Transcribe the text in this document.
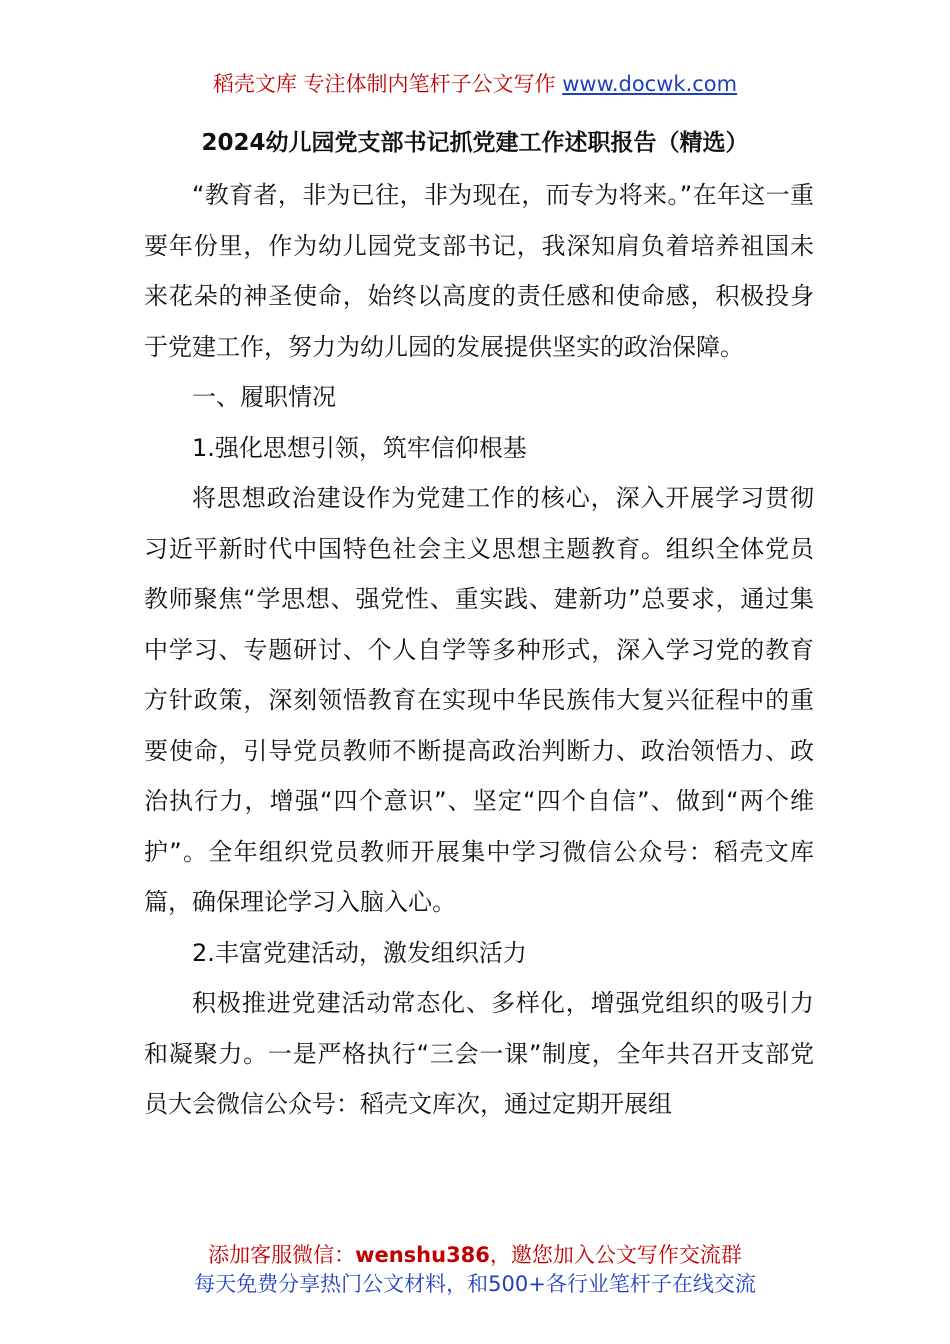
稻壳文库 专注体制内笔杆子公文写作 www.docwk.com
2024幼儿园党支部书记抓党建工作述职报告（精选）

“教育者，非为已往，非为现在，而专为将来。”在年这一重要年份里，作为幼儿园党支部书记，我深知肩负着培养祖国未来花朵的神圣使命，始终以高度的责任感和使命感，积极投身于党建工作，努力为幼儿园的发展提供坚实的政治保障。

一、履职情况

1.强化思想引领，筑牢信仰根基

将思想政治建设作为党建工作的核心，深入开展学习贯彻习近平新时代中国特色社会主义思想主题教育。组织全体党员教师聚焦“学思想、强党性、重实践、建新功”总要求，通过集中学习、专题研讨、个人自学等多种形式，深入学习党的教育方针政策，深刻领悟教育在实现中华民族伟大复兴征程中的重要使命，引导党员教师不断提高政治判断力、政治领悟力、政治执行力，增强“四个意识”、坚定“四个自信”、做到“两个维护”。全年组织党员教师开展集中学习微信公众号：稻壳文库篇，确保理论学习入脑入心。

2.丰富党建活动，激发组织活力

积极推进党建活动常态化、多样化，增强党组织的吸引力和凝聚力。一是严格执行“三会一课”制度，全年共召开支部党员大会微信公众号：稻壳文库次，通过定期开展组

添加客服微信：wenshu386，邀您加入公文写作交流群
每天免费分享热门公文材料，和500+各行业笔杆子在线交流
